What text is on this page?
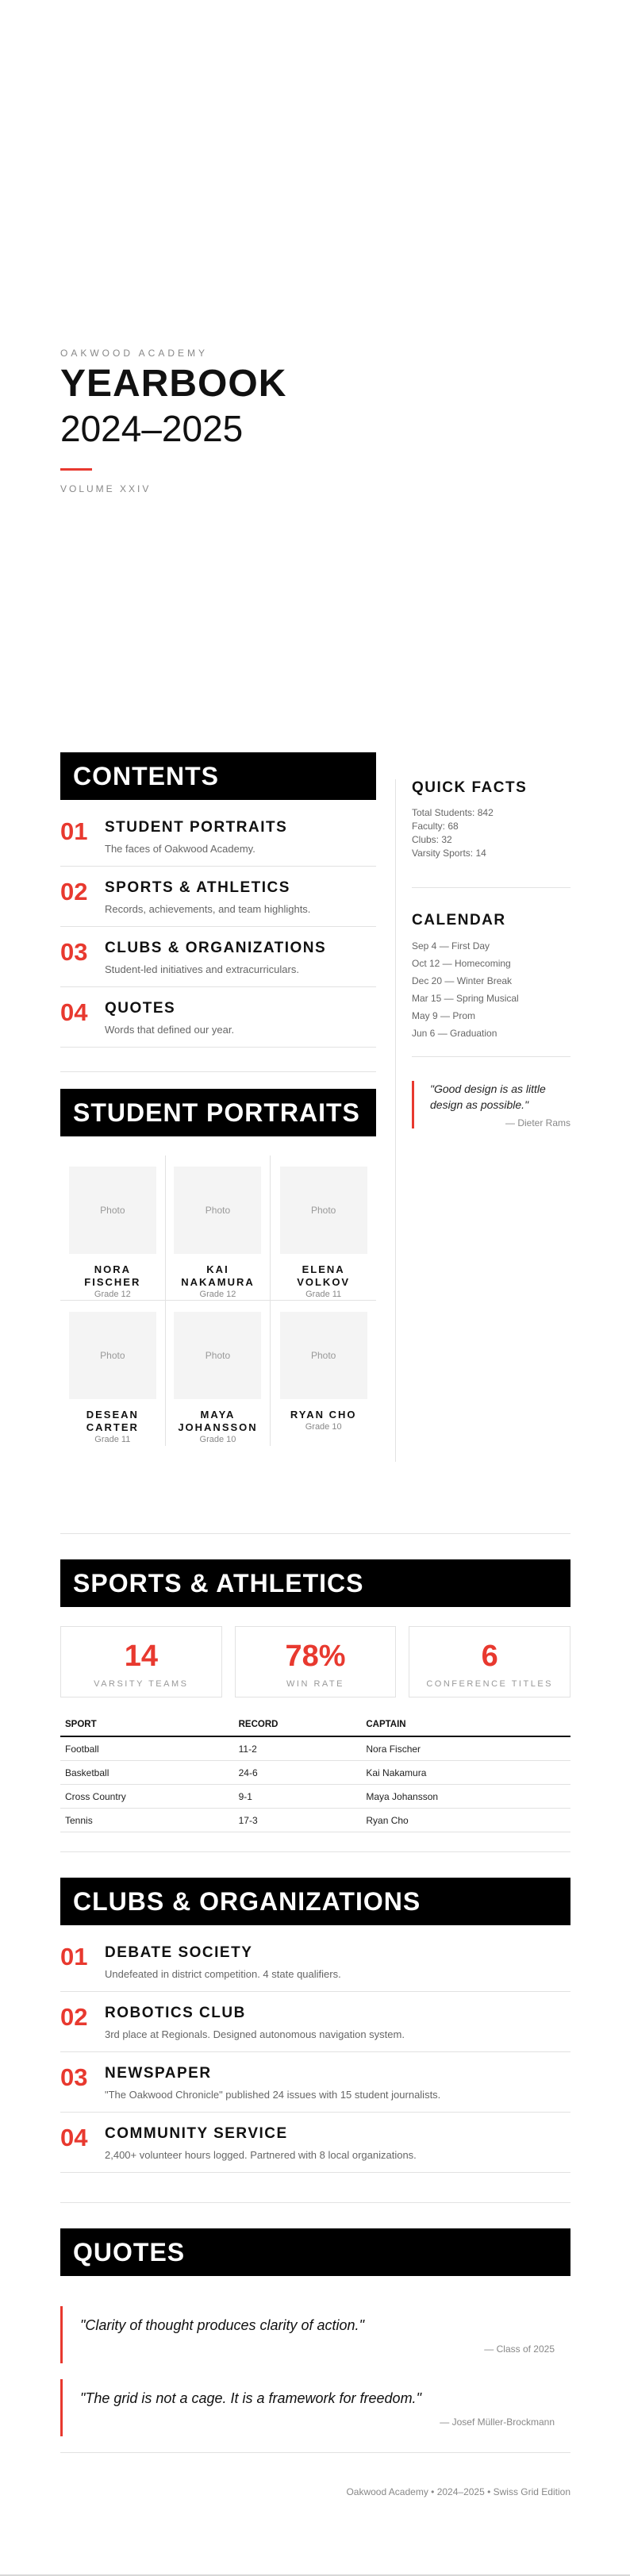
OAKWOOD ACADEMY
YEARBOOK
2024–2025
VOLUME XXIV
CONTENTS
01	STUDENT PORTRAITS
The faces of Oakwood Academy.
02	SPORTS & ATHLETICS
Records, achievements, and team highlights.
03	CLUBS & ORGANIZATIONS
Student-led initiatives and extracurriculars.
04	QUOTES
Words that defined our year.
QUICK FACTS
Total Students: 842
Faculty: 68
Clubs: 32
Varsity Sports: 14
CALENDAR
Sep 4 — First Day
Oct 12 — Homecoming
Dec 20 — Winter Break
Mar 15 — Spring Musical
May 9 — Prom
Jun 6 — Graduation
"Good design is as little design as possible."
— Dieter Rams
STUDENT PORTRAITS
Photo
NORA
FISCHER
Grade 12
Photo
KAI
NAKAMURA
Grade 12
Photo
ELENA
VOLKOV
Grade 11
Photo
DESEAN
CARTER
Grade 11
Photo
MAYA
JOHANSSON
Grade 10
Photo
RYAN CHO
Grade 10
SPORTS & ATHLETICS
14
VARSITY TEAMS
78%
WIN RATE
6
CONFERENCE TITLES
SPORT	RECORD	CAPTAIN
Football	11-2	Nora Fischer
Basketball	24-6	Kai Nakamura
Cross Country	9-1	Maya Johansson
Tennis	17-3	Ryan Cho
CLUBS & ORGANIZATIONS
01	DEBATE SOCIETY
Undefeated in district competition. 4 state qualifiers.
02	ROBOTICS CLUB
3rd place at Regionals. Designed autonomous navigation system.
03	NEWSPAPER
"The Oakwood Chronicle" published 24 issues with 15 student journalists.
04	COMMUNITY SERVICE
2,400+ volunteer hours logged. Partnered with 8 local organizations.
QUOTES
"Clarity of thought produces clarity of action."
— Class of 2025
"The grid is not a cage. It is a framework for freedom."
— Josef Müller-Brockmann
Oakwood Academy • 2024–2025 • Swiss Grid Edition
